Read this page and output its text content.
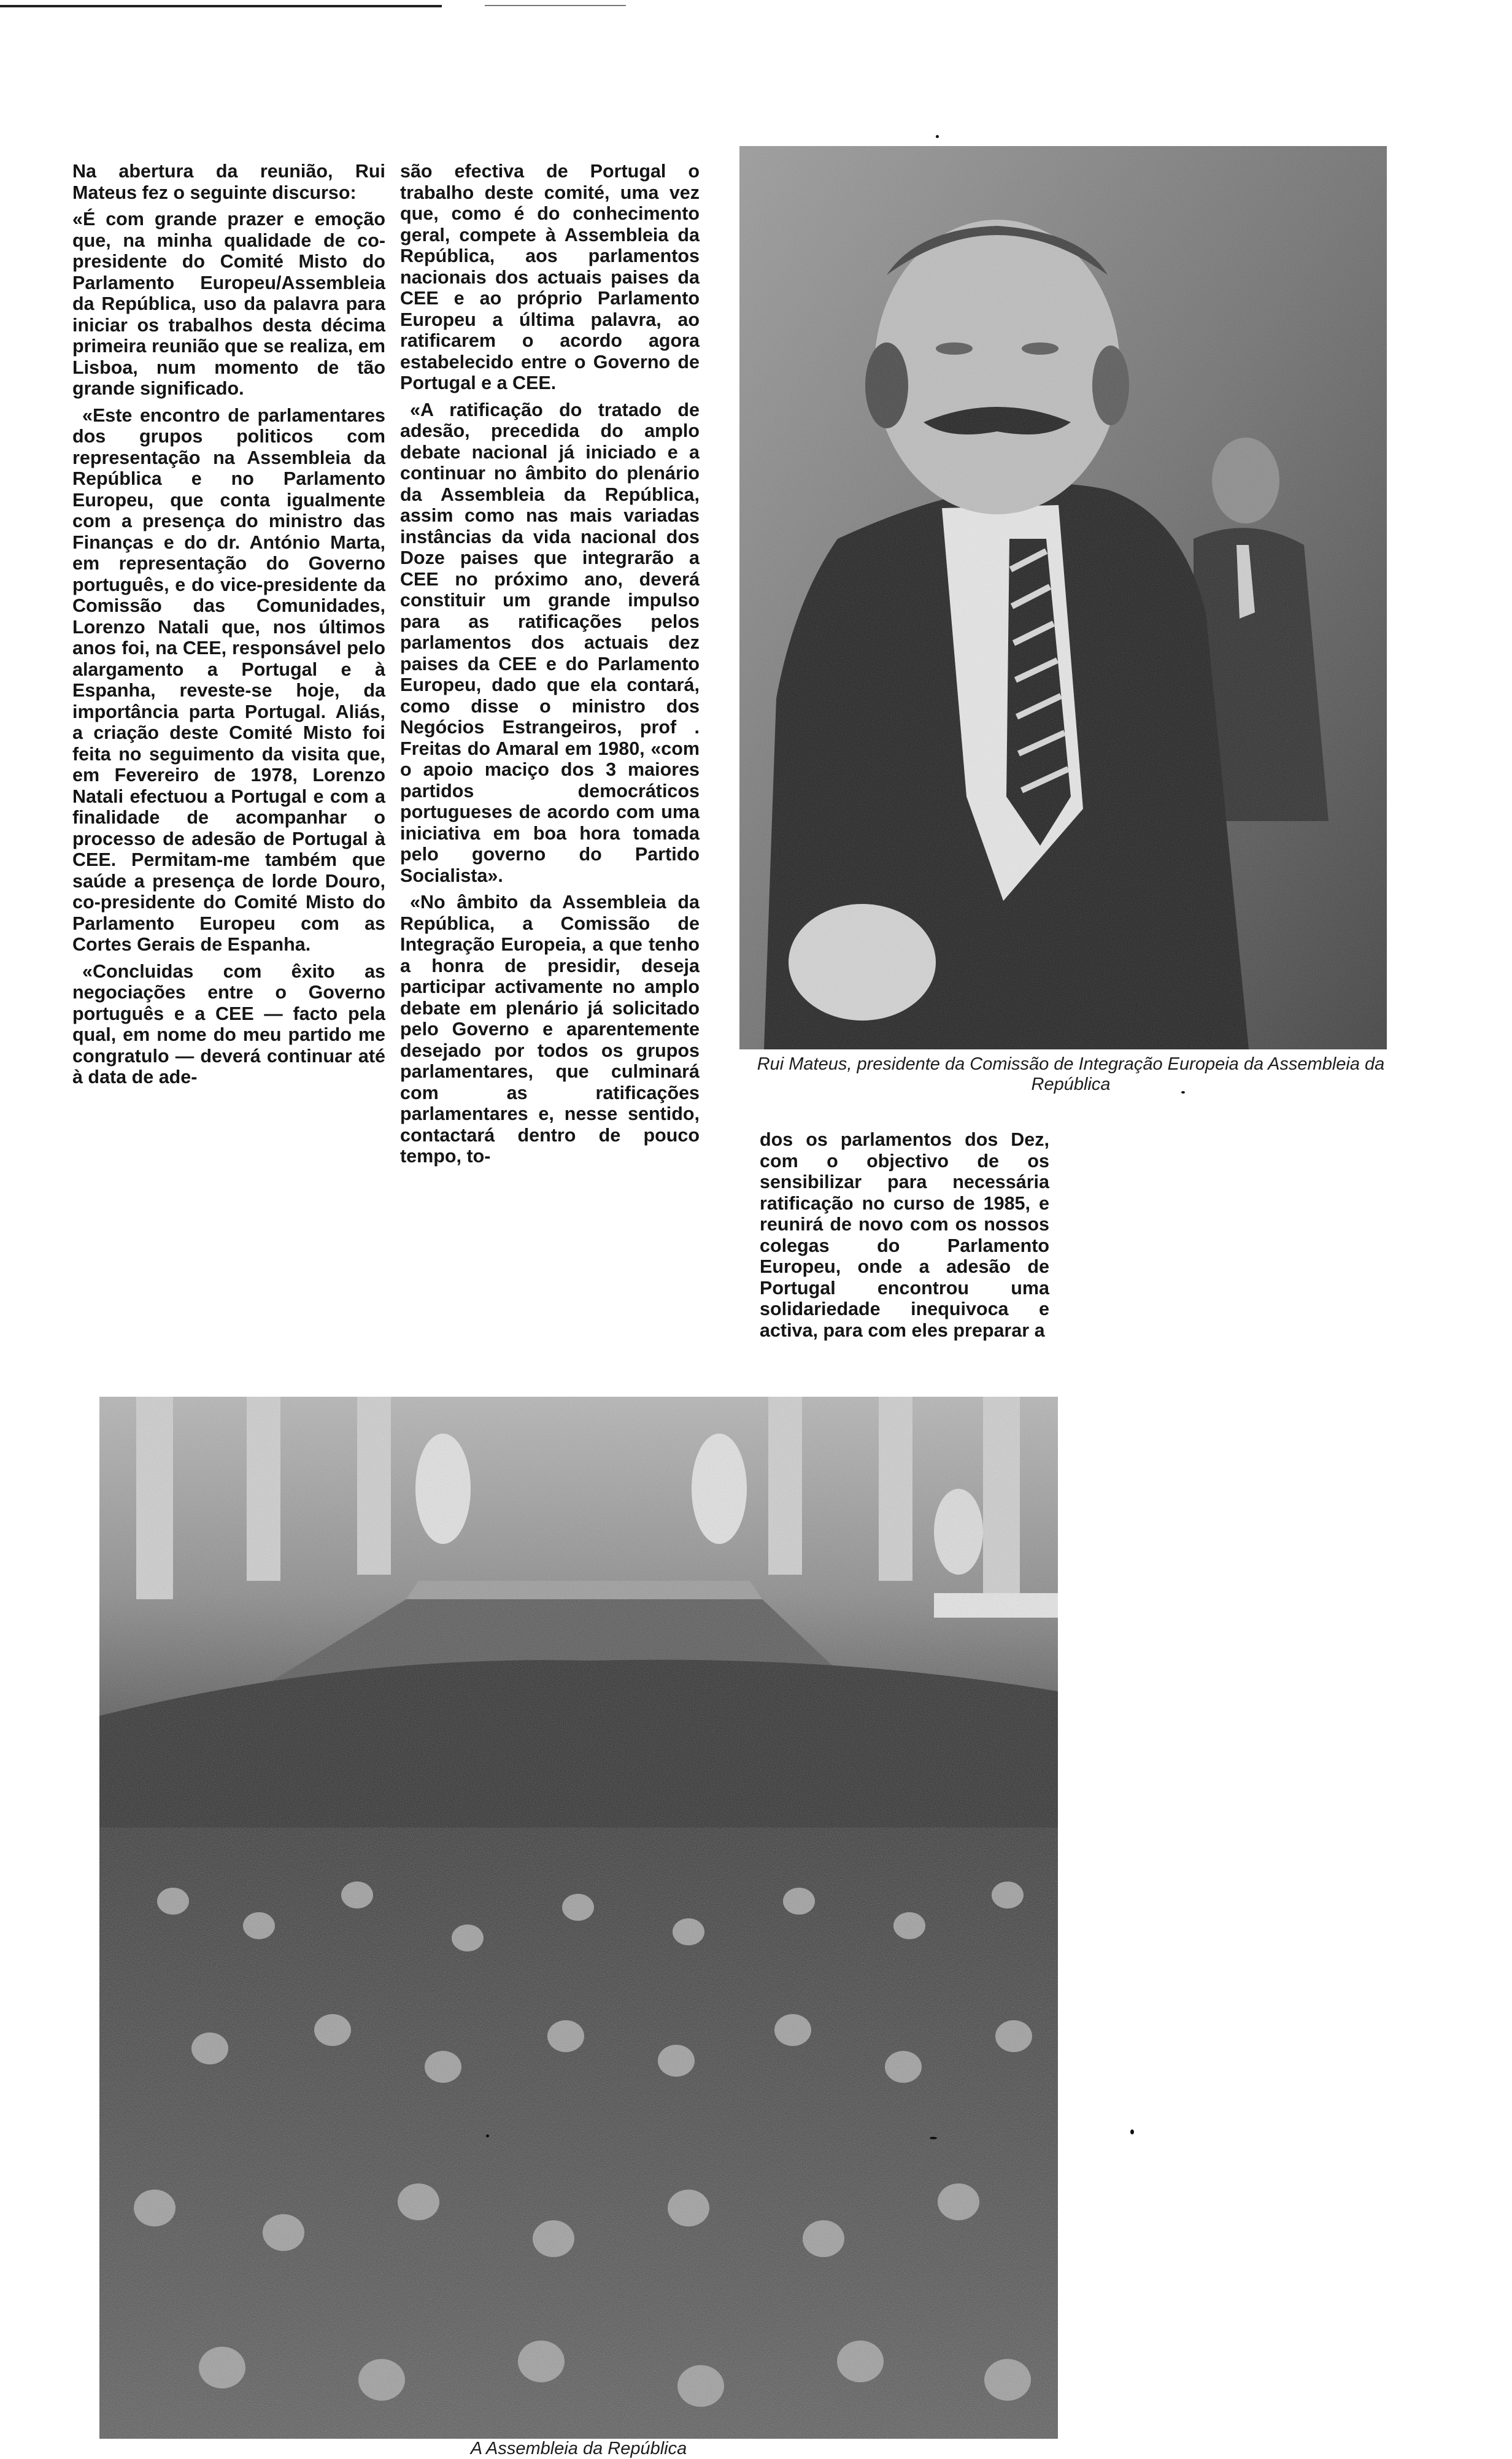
Na abertura da reunião, Rui Mateus fez o seguinte discurso:

«É com grande prazer e emoção que, na minha qualidade de co-presidente do Comité Misto do Parlamento Europeu/Assembleia da República, uso da palavra para iniciar os trabalhos desta décima primeira reunião que se realiza, em Lisboa, num momento de tão grande significado.

«Este encontro de parlamentares dos grupos politicos com representação na Assembleia da República e no Parlamento Europeu, que conta igualmente com a presença do ministro das Finanças e do dr. António Marta, em representação do Governo português, e do vice-presidente da Comissão das Comunidades, Lorenzo Natali que, nos últimos anos foi, na CEE, responsável pelo alargamento a Portugal e à Espanha, reveste-se hoje, da importância parta Portugal. Aliás, a criação deste Comité Misto foi feita no seguimento da visita que, em Fevereiro de 1978, Lorenzo Natali efectuou a Portugal e com a finalidade de acompanhar o processo de adesão de Portugal à CEE. Permitam-me também que saúde a presença de lorde Douro, co-presidente do Comité Misto do Parlamento Europeu com as Cortes Gerais de Espanha.

«Concluidas com êxito as negociações entre o Governo português e a CEE — facto pela qual, em nome do meu partido me congratulo — deverá continuar até à data de ade-

são efectiva de Portugal o trabalho deste comité, uma vez que, como é do conhecimento geral, compete à Assembleia da República, aos parlamentos nacionais dos actuais paises da CEE e ao próprio Parlamento Europeu a última palavra, ao ratificarem o acordo agora estabelecido entre o Governo de Portugal e a CEE.

«A ratificação do tratado de adesão, precedida do amplo debate nacional já iniciado e a continuar no âmbito do plenário da Assembleia da República, assim como nas mais variadas instâncias da vida nacional dos Doze paises que integrarão a CEE no próximo ano, deverá constituir um grande impulso para as ratificações pelos parlamentos dos actuais dez paises da CEE e do Parlamento Europeu, dado que ela contará, como disse o ministro dos Negócios Estrangeiros, prof . Freitas do Amaral em 1980, «com o apoio maciço dos 3 maiores partidos democráticos portugueses de acordo com uma iniciativa em boa hora tomada pelo governo do Partido Socialista».

«No âmbito da Assembleia da República, a Comissão de Integração Europeia, a que tenho a honra de presidir, deseja participar activamente no amplo debate em plenário já solicitado pelo Governo e aparentemente desejado por todos os grupos parlamentares, que culminará com as ratificações parlamentares e, nesse sentido, contactará dentro de pouco tempo, to-

Rui Mateus, presidente da Comissão de Integração Europeia da Assembleia da República

dos os parlamentos dos Dez, com o objectivo de os sensibilizar para necessária ratificação no curso de 1985, e reunirá de novo com os nossos colegas do Parlamento Europeu, onde a adesão de Portugal encontrou uma solidariedade inequivoca e activa, para com eles preparar a

A Assembleia da República
